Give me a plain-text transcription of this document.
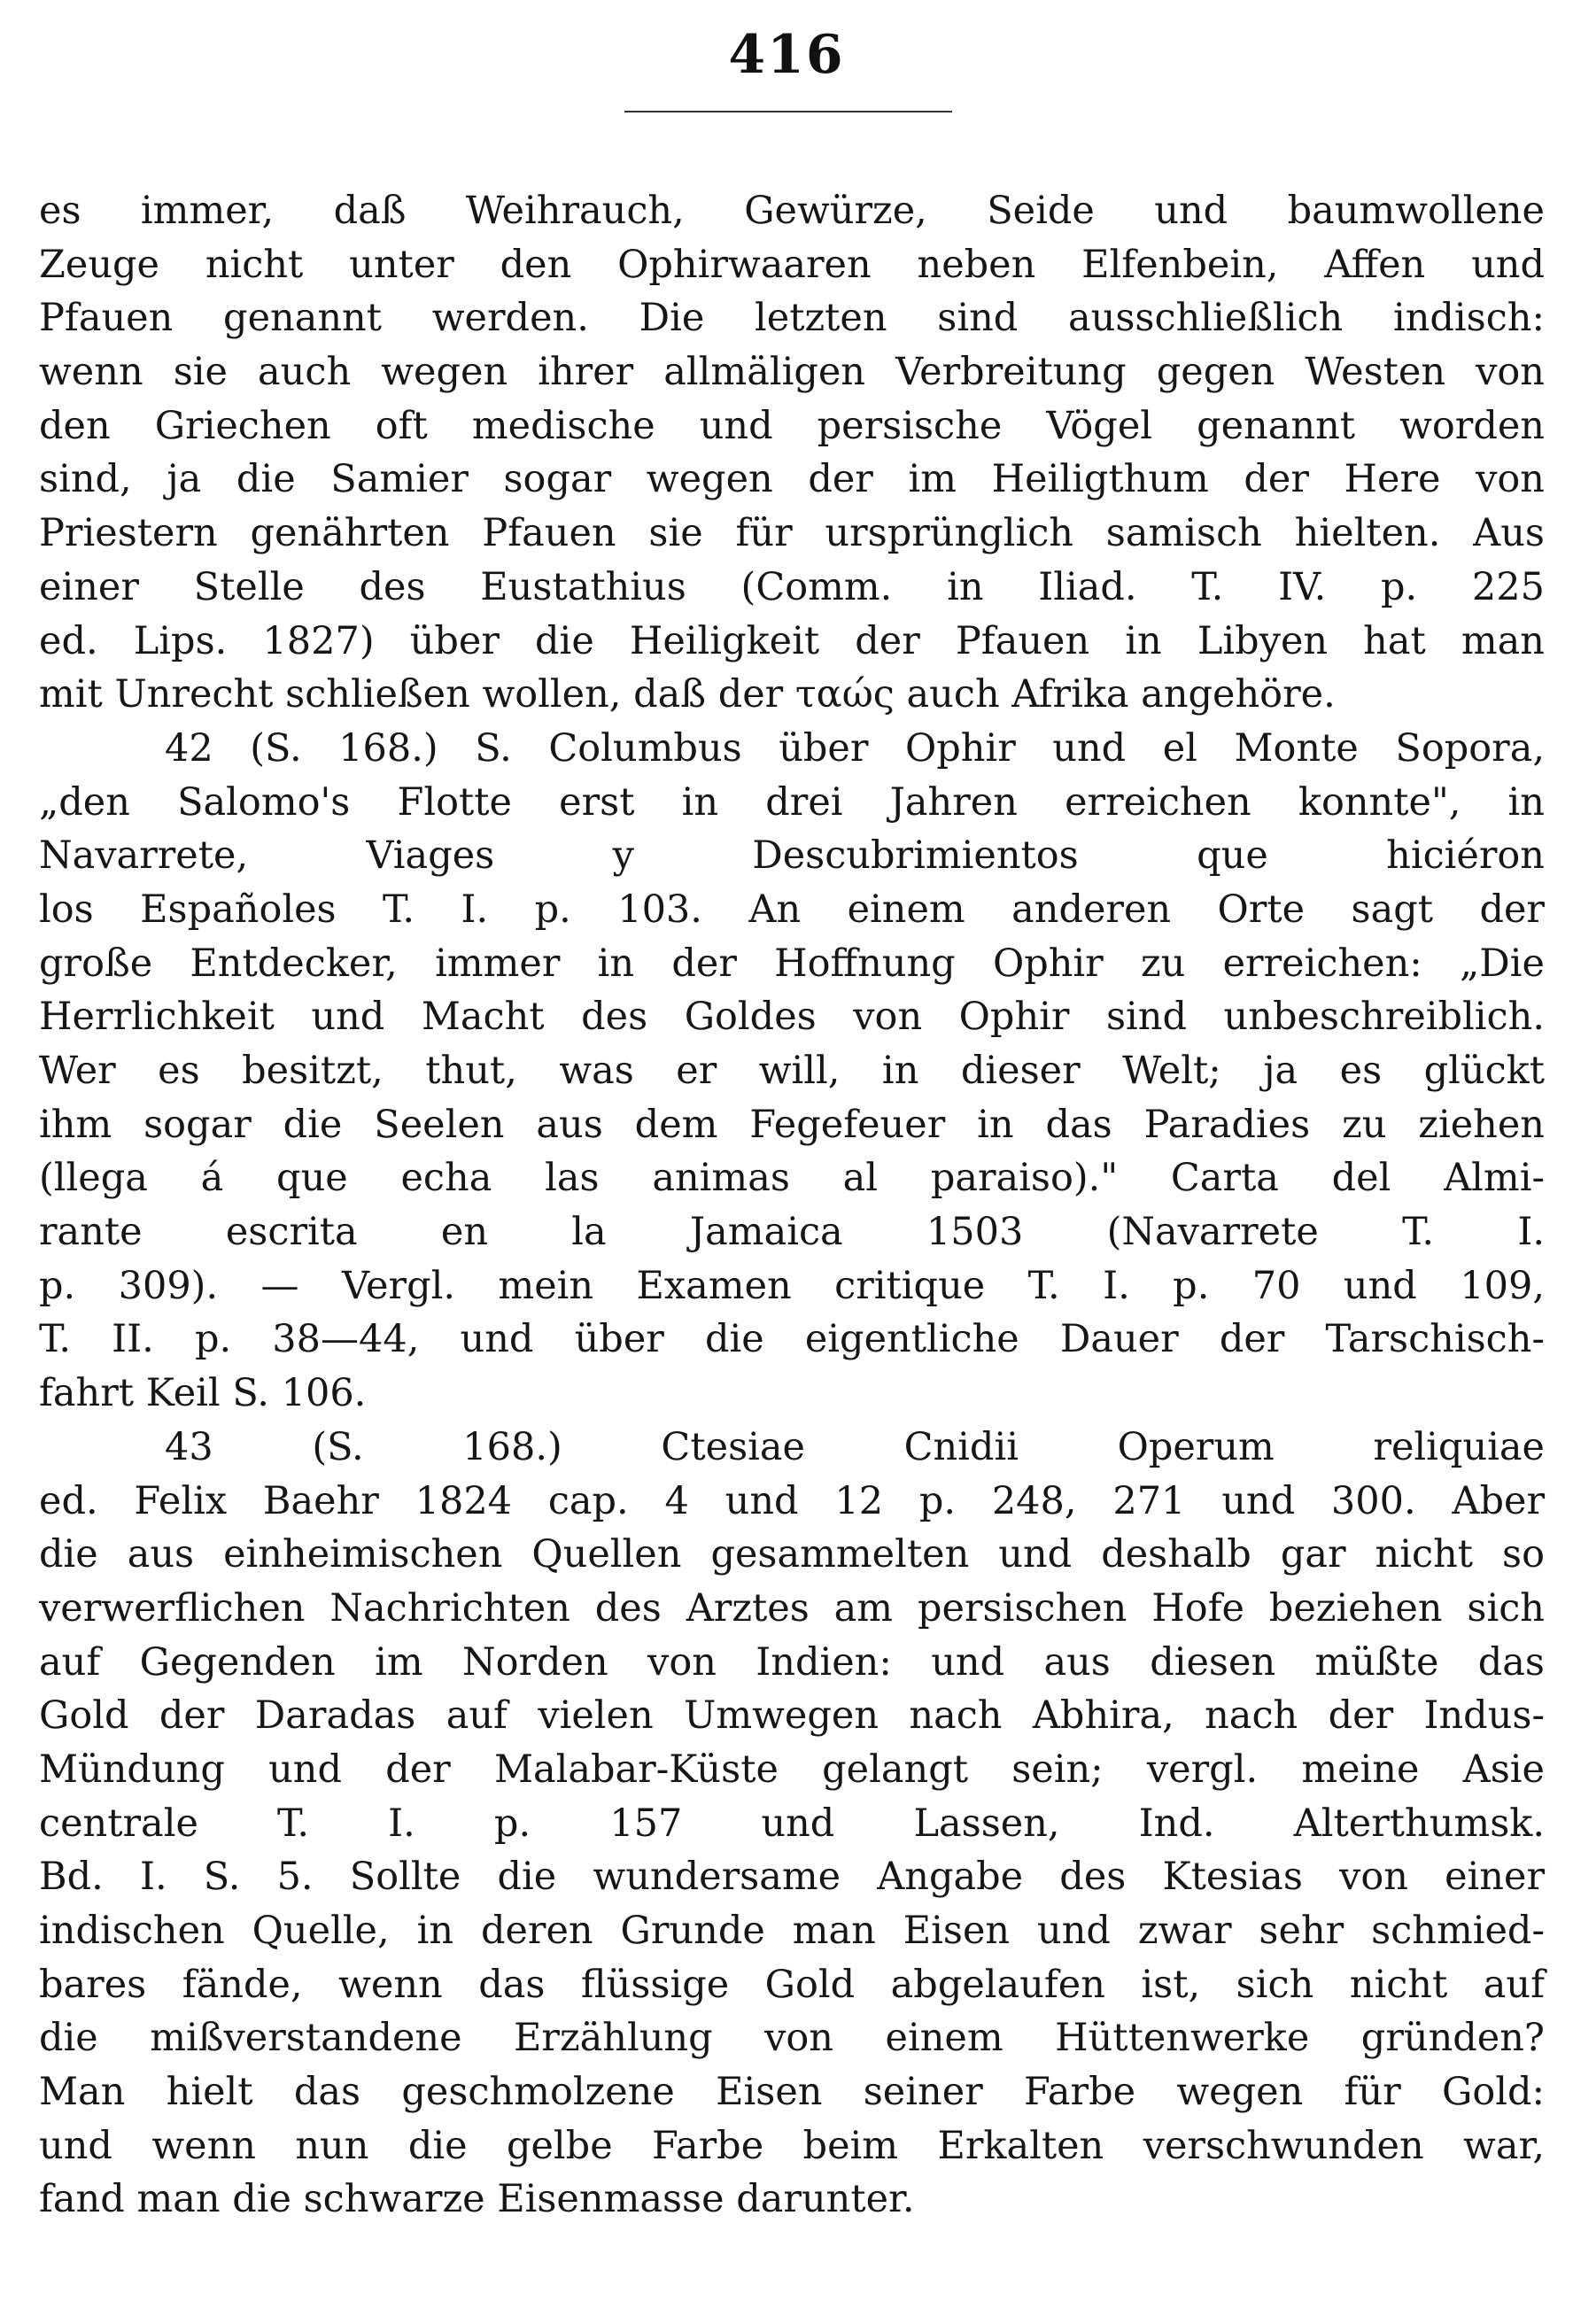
416
es immer, daß Weihrauch, Gewürze, Seide und baumwollene
Zeuge nicht unter den Ophirwaaren neben Elfenbein, Affen und
Pfauen genannt werden. Die letzten sind ausschließlich indisch:
wenn sie auch wegen ihrer allmäligen Verbreitung gegen Westen von
den Griechen oft medische und persische Vögel genannt worden
sind, ja die Samier sogar wegen der im Heiligthum der Here von
Priestern genährten Pfauen sie für ursprünglich samisch hielten. Aus
einer Stelle des Eustathius (Comm. in Iliad. T. IV. p. 225
ed. Lips. 1827) über die Heiligkeit der Pfauen in Libyen hat man
mit Unrecht schließen wollen, daß der ταώς auch Afrika angehöre.
42 (S. 168.) S. Columbus über Ophir und el Monte Sopora,
„den Salomo's Flotte erst in drei Jahren erreichen konnte", in
Navarrete, Viages y Descubrimientos que hiciéron
los Españoles T. I. p. 103. An einem anderen Orte sagt der
große Entdecker, immer in der Hoffnung Ophir zu erreichen: „Die
Herrlichkeit und Macht des Goldes von Ophir sind unbeschreiblich.
Wer es besitzt, thut, was er will, in dieser Welt; ja es glückt
ihm sogar die Seelen aus dem Fegefeuer in das Paradies zu ziehen
(llega á que echa las animas al paraiso)." Carta del Almi-
rante escrita en la Jamaica 1503 (Navarrete T. I.
p. 309). — Vergl. mein Examen critique T. I. p. 70 und 109,
T. II. p. 38—44, und über die eigentliche Dauer der Tarschisch-
fahrt Keil S. 106.
43 (S. 168.) Ctesiae Cnidii Operum reliquiae
ed. Felix Baehr 1824 cap. 4 und 12 p. 248, 271 und 300. Aber
die aus einheimischen Quellen gesammelten und deshalb gar nicht so
verwerflichen Nachrichten des Arztes am persischen Hofe beziehen sich
auf Gegenden im Norden von Indien: und aus diesen müßte das
Gold der Daradas auf vielen Umwegen nach Abhira, nach der Indus-
Mündung und der Malabar-Küste gelangt sein; vergl. meine Asie
centrale T. I. p. 157 und Lassen, Ind. Alterthumsk.
Bd. I. S. 5. Sollte die wundersame Angabe des Ktesias von einer
indischen Quelle, in deren Grunde man Eisen und zwar sehr schmied-
bares fände, wenn das flüssige Gold abgelaufen ist, sich nicht auf
die mißverstandene Erzählung von einem Hüttenwerke gründen?
Man hielt das geschmolzene Eisen seiner Farbe wegen für Gold:
und wenn nun die gelbe Farbe beim Erkalten verschwunden war,
fand man die schwarze Eisenmasse darunter.
